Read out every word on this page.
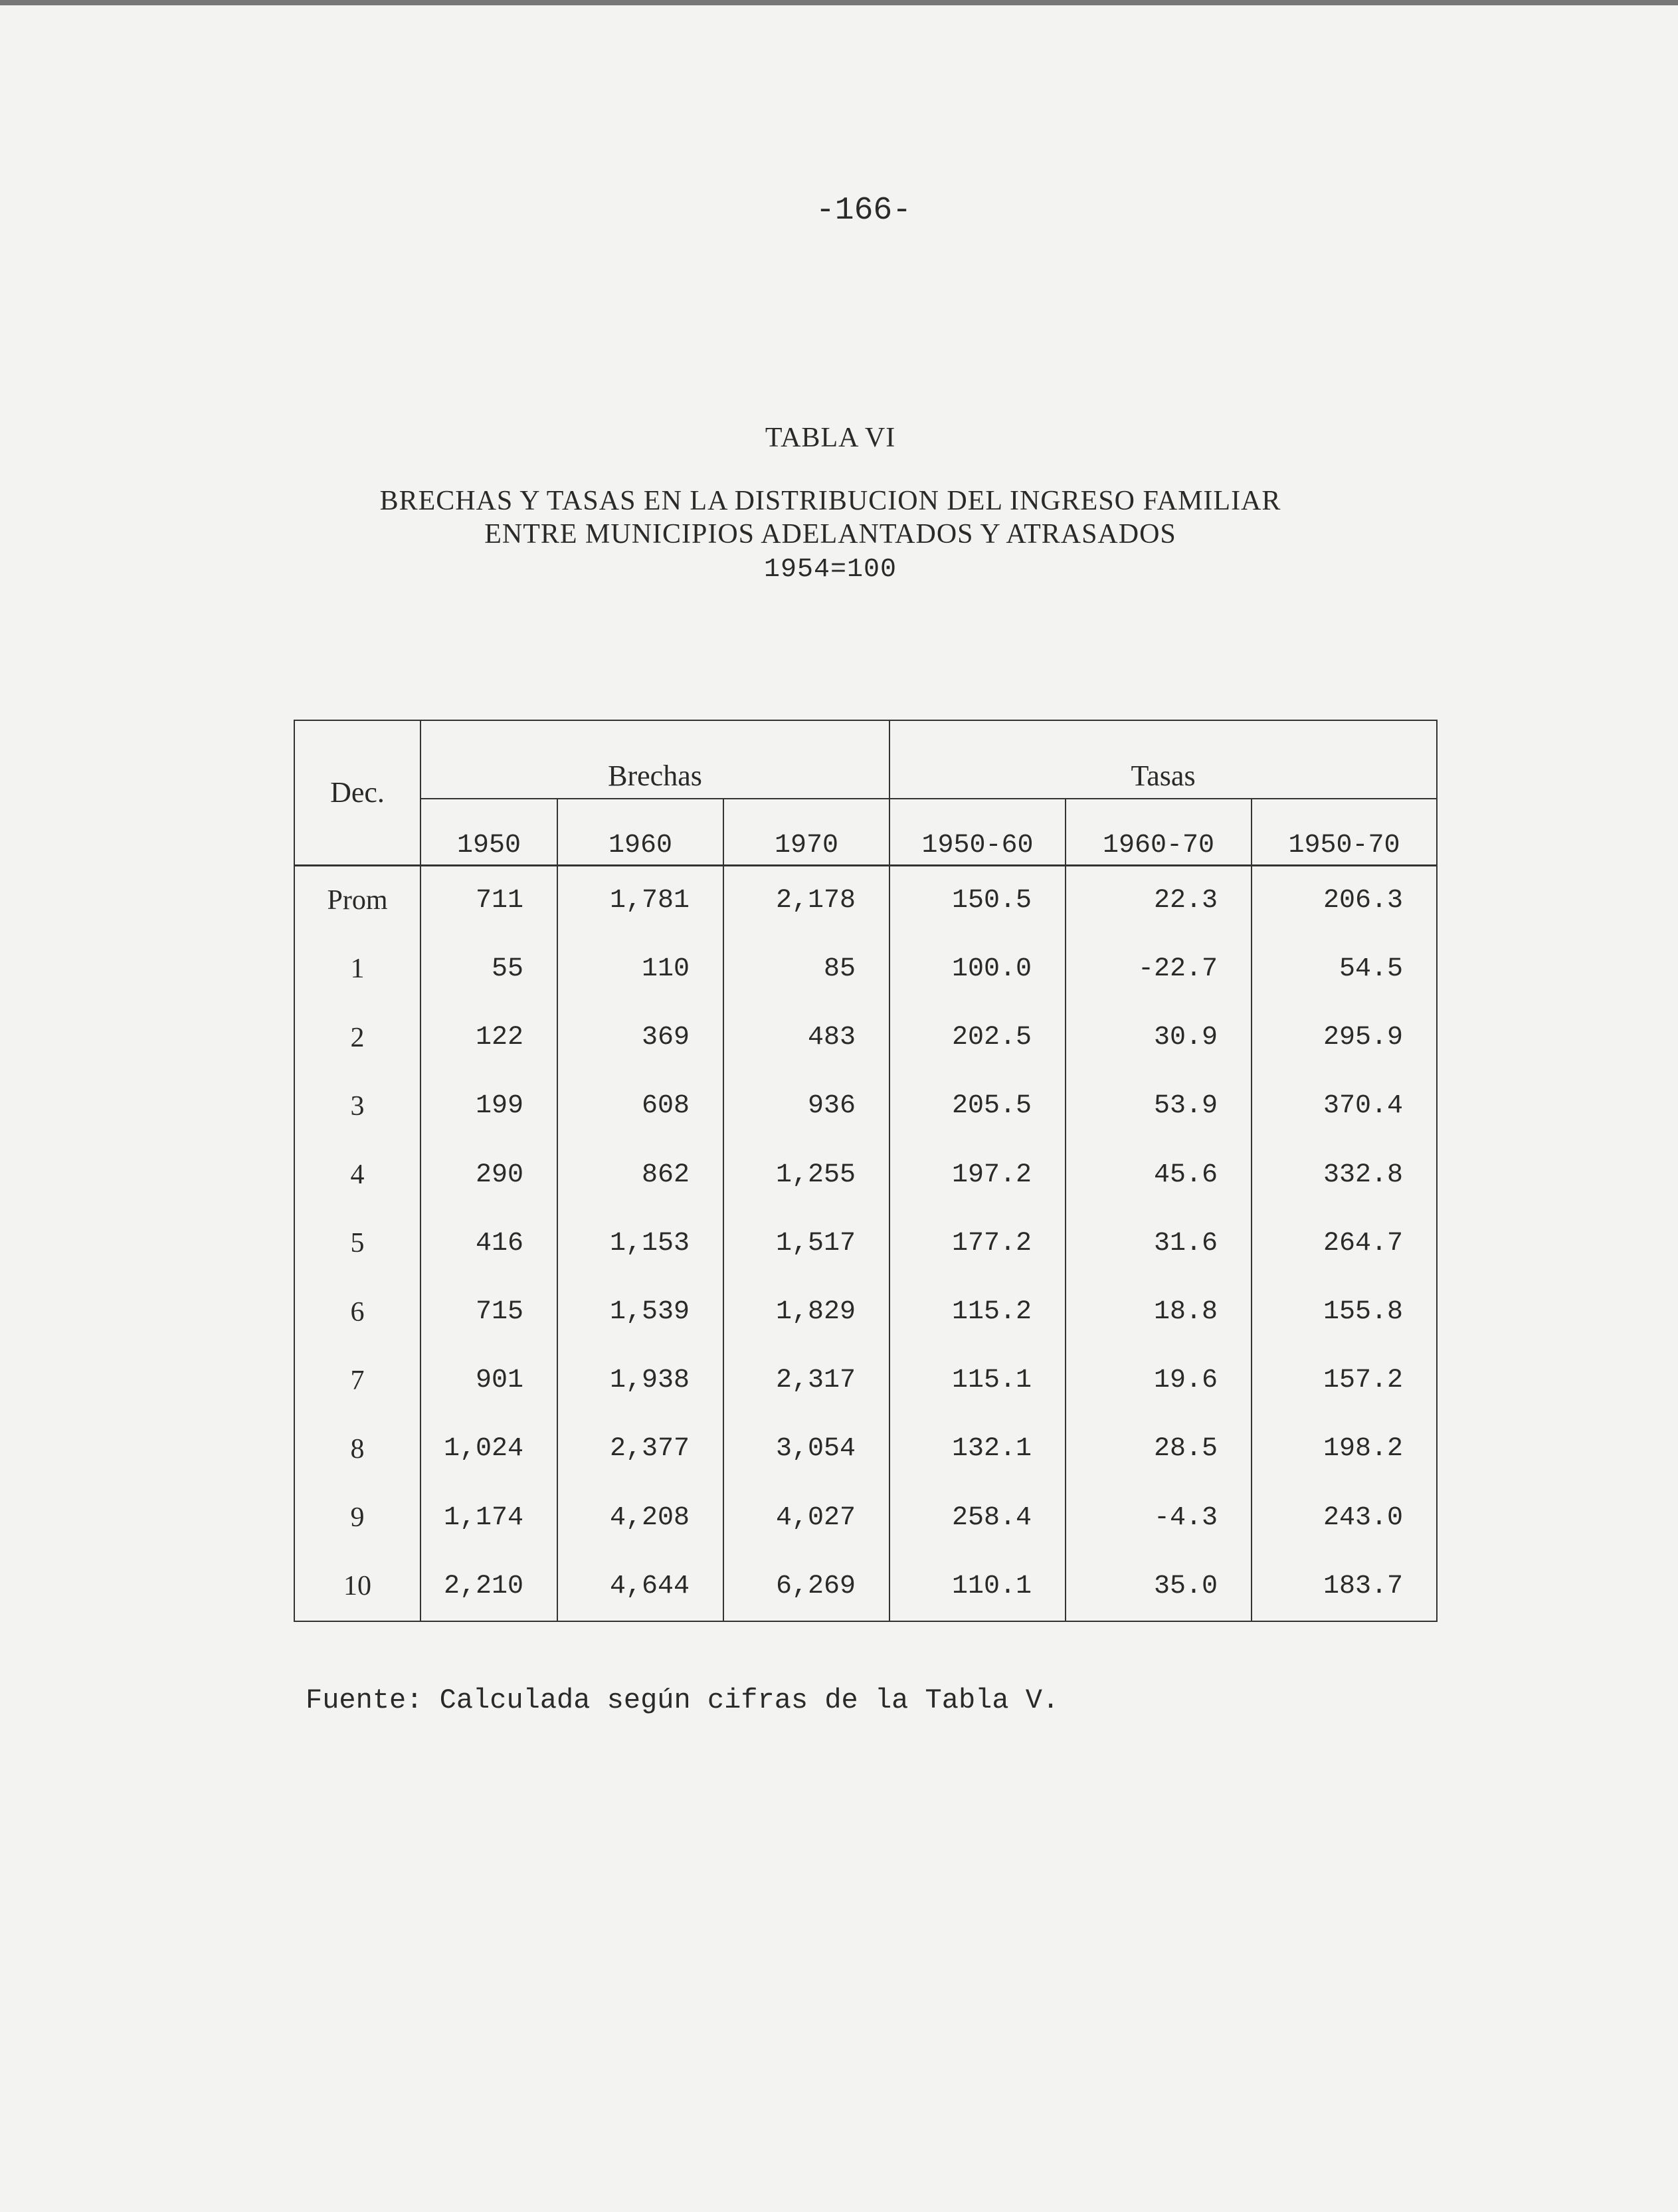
-166-
TABLA VI
BRECHAS Y TASAS EN LA DISTRIBUCION DEL INGRESO FAMILIAR
ENTRE MUNICIPIOS ADELANTADOS Y ATRASADOS
1954=100
Dec.	Brechas			Tasas		
	1950	1960	1970	1950-60	1960-70	1950-70
Prom	711	1,781	2,178	150.5	22.3	206.3
1	55	110	85	100.0	-22.7	54.5
2	122	369	483	202.5	30.9	295.9
3	199	608	936	205.5	53.9	370.4
4	290	862	1,255	197.2	45.6	332.8
5	416	1,153	1,517	177.2	31.6	264.7
6	715	1,539	1,829	115.2	18.8	155.8
7	901	1,938	2,317	115.1	19.6	157.2
8	1,024	2,377	3,054	132.1	28.5	198.2
9	1,174	4,208	4,027	258.4	-4.3	243.0
10	2,210	4,644	6,269	110.1	35.0	183.7
Fuente: Calculada según cifras de la Tabla V.
